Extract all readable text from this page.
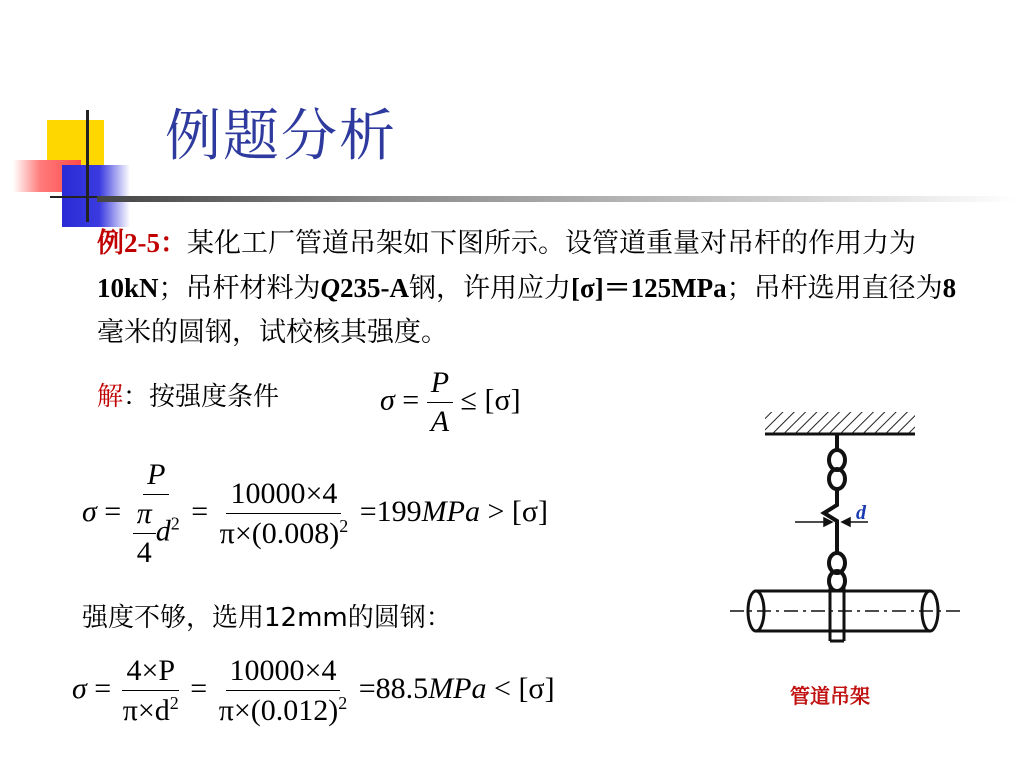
例题分析
例2-5：某化工厂管道吊架如下图所示。设管道重量对吊杆的作用力为10kN；吊杆材料为Q235-A钢，许用应力[σ]＝125MPa；吊杆选用直径为8毫米的圆钢，试校核其强度。
解：按强度条件	$\sigma = \frac{P}{A} \le [\sigma]$
$\sigma = \frac{P}{\frac{\pi}{4} d^2} = \frac{10000\times 4}{\pi\times(0.008)^2} =199MPa > [\sigma]$
强度不够，选用12mm的圆钢：
$\sigma = \frac{4\times P}{\pi\times d^2} = \frac{10000\times 4}{\pi\times(0.012)^2} =88.5MPa < [\sigma]$
d
管道吊架
